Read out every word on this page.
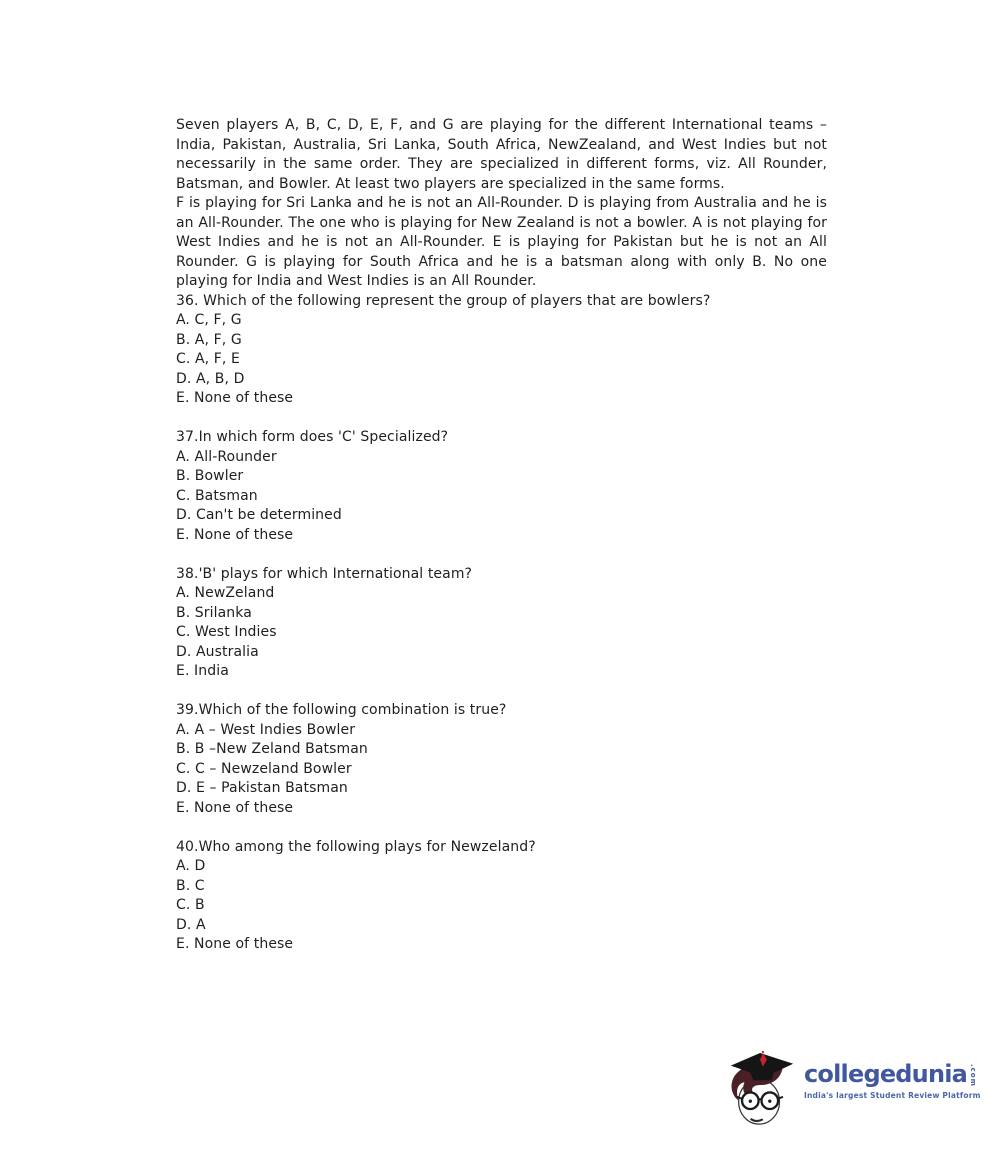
Seven players A, B, C, D, E, F, and G are playing for the different International teams – India, Pakistan, Australia, Sri Lanka, South Africa, NewZealand, and West Indies but not necessarily in the same order. They are specialized in different forms, viz. All Rounder, Batsman, and Bowler. At least two players are specialized in the same forms.

F is playing for Sri Lanka and he is not an All-Rounder. D is playing from Australia and he is an All-Rounder. The one who is playing for New Zealand is not a bowler. A is not playing for West Indies and he is not an All-Rounder. E is playing for Pakistan but he is not an All Rounder. G is playing for South Africa and he is a batsman along with only B. No one playing for India and West Indies is an All Rounder.

36. Which of the following represent the group of players that are bowlers?
A. C, F, G
B. A, F, G
C. A, F, E
D. A, B, D
E. None of these
37.In which form does 'C' Specialized?
A. All-Rounder
B. Bowler
C. Batsman
D. Can't be determined
E. None of these
38.'B' plays for which International team?
A. NewZeland
B. Srilanka
C. West Indies
D. Australia
E. India
39.Which of the following combination is true?
A. A – West Indies Bowler
B. B –New Zeland Batsman
C. C – Newzeland Bowler
D. E – Pakistan Batsman
E. None of these
40.Who among the following plays for Newzeland?
A. D
B. C
C. B
D. A
E. None of these
collegedunia .com
India's largest Student Review Platform
